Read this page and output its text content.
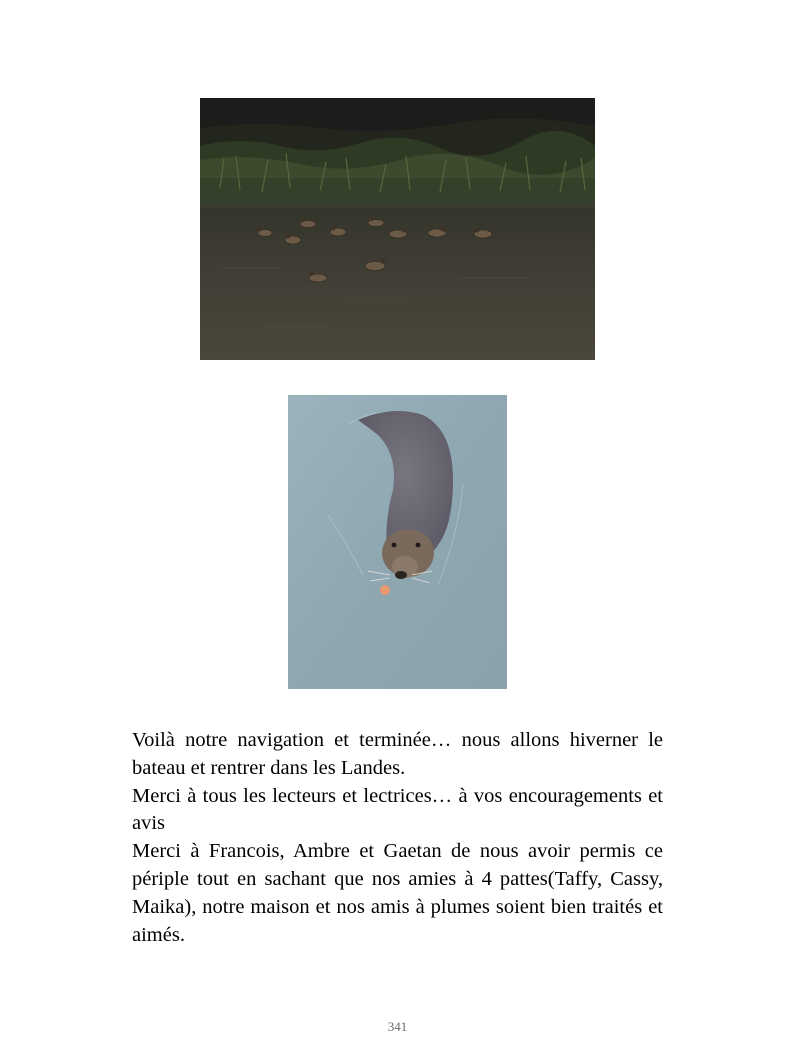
Voilà notre navigation et terminée… nous allons hiverner le bateau et rentrer dans les Landes.

Merci à tous les lecteurs et lectrices… à vos encouragements et avis

Merci à Francois, Ambre et Gaetan de nous avoir permis ce périple tout en sachant que nos amies à 4 pattes(Taffy, Cassy, Maika), notre maison et nos amis à plumes soient bien traités et aimés.

341
